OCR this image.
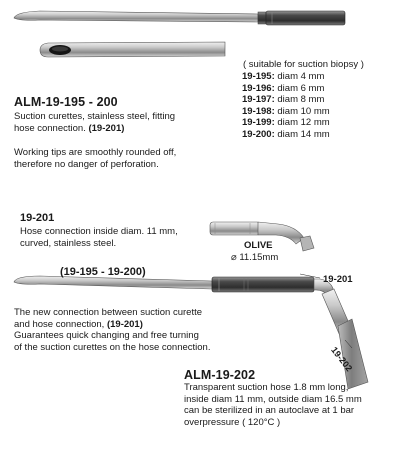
( suitable for suction biopsy )
19-195: diam 4 mm
19-196: diam 6 mm
19-197: diam 8 mm
19-198: diam 10 mm
19-199: diam 12 mm
19-200: diam 14 mm
ALM-19-195 - 200
Suction curettes, stainless steel, fitting
hose connection. (19-201)
Working tips are smoothly rounded off,
therefore no danger of perforation.
19-201
Hose connection inside diam. 11 mm,
curved, stainless steel.	OLIVE
⌀ 11.15mm
(19-195 - 19-200)
19-201
19-202
The new connection between suction curette
and hose connection, (19-201)
Guarantees quick changing and free turning
of the suction curettes on the hose connection.
ALM-19-202
Transparent suction hose 1.8 mm long,
inside diam 11 mm, outside diam 16.5 mm
can be sterilized in an autoclave at 1 bar
overpressure ( 120°C )
